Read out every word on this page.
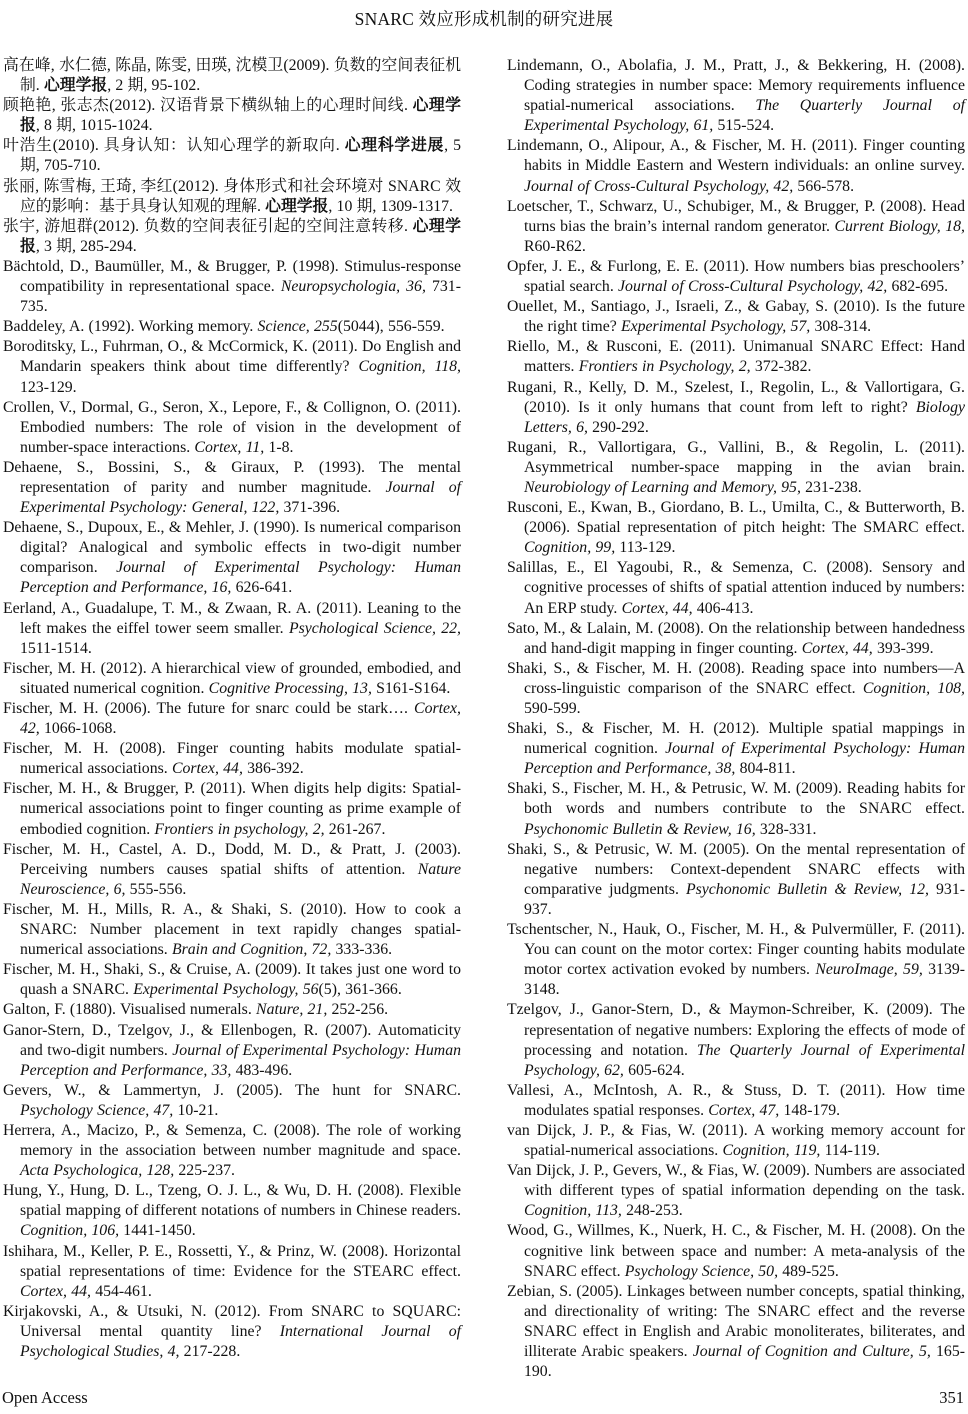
SNARC 效应形成机制的研究进展

高在峰, 水仁德, 陈晶, 陈雯, 田瑛, 沈模卫(2009). 负数的空间表征机制. 心理学报, 2 期, 95-102.

顾艳艳, 张志杰(2012). 汉语背景下横纵轴上的心理时间线. 心理学报, 8 期, 1015-1024.

叶浩生(2010). 具身认知：认知心理学的新取向. 心理科学进展, 5 期, 705-710.

张丽, 陈雪梅, 王琦, 李红(2012). 身体形式和社会环境对 SNARC 效应的影响：基于具身认知观的理解. 心理学报, 10 期, 1309-1317.

张宇, 游旭群(2012). 负数的空间表征引起的空间注意转移. 心理学报, 3 期, 285-294.

Bächtold, D., Baumüller, M., & Brugger, P. (1998). Stimulus-response compatibility in representational space. Neuropsychologia, 36, 731-735.

Baddeley, A. (1992). Working memory. Science, 255(5044), 556-559.

Boroditsky, L., Fuhrman, O., & McCormick, K. (2011). Do English and Mandarin speakers think about time differently? Cognition, 118, 123-129.

Crollen, V., Dormal, G., Seron, X., Lepore, F., & Collignon, O. (2011). Embodied numbers: The role of vision in the development of number-space interactions. Cortex, 11, 1-8.

Dehaene, S., Bossini, S., & Giraux, P. (1993). The mental representation of parity and number magnitude. Journal of Experimental Psychology: General, 122, 371-396.

Dehaene, S., Dupoux, E., & Mehler, J. (1990). Is numerical comparison digital? Analogical and symbolic effects in two-digit number comparison. Journal of Experimental Psychology: Human Perception and Performance, 16, 626-641.

Eerland, A., Guadalupe, T. M., & Zwaan, R. A. (2011). Leaning to the left makes the eiffel tower seem smaller. Psychological Science, 22, 1511-1514.

Fischer, M. H. (2012). A hierarchical view of grounded, embodied, and situated numerical cognition. Cognitive Processing, 13, S161-S164.

Fischer, M. H. (2006). The future for snarc could be stark…. Cortex, 42, 1066-1068.

Fischer, M. H. (2008). Finger counting habits modulate spatial-numerical associations. Cortex, 44, 386-392.

Fischer, M. H., & Brugger, P. (2011). When digits help digits: Spatial-numerical associations point to finger counting as prime example of embodied cognition. Frontiers in psychology, 2, 261-267.

Fischer, M. H., Castel, A. D., Dodd, M. D., & Pratt, J. (2003). Perceiving numbers causes spatial shifts of attention. Nature Neuroscience, 6, 555-556.

Fischer, M. H., Mills, R. A., & Shaki, S. (2010). How to cook a SNARC: Number placement in text rapidly changes spatial-numerical associations. Brain and Cognition, 72, 333-336.

Fischer, M. H., Shaki, S., & Cruise, A. (2009). It takes just one word to quash a SNARC. Experimental Psychology, 56(5), 361-366.

Galton, F. (1880). Visualised numerals. Nature, 21, 252-256.

Ganor-Stern, D., Tzelgov, J., & Ellenbogen, R. (2007). Automaticity and two-digit numbers. Journal of Experimental Psychology: Human Perception and Performance, 33, 483-496.

Gevers, W., & Lammertyn, J. (2005). The hunt for SNARC. Psychology Science, 47, 10-21.

Herrera, A., Macizo, P., & Semenza, C. (2008). The role of working memory in the association between number magnitude and space. Acta Psychologica, 128, 225-237.

Hung, Y., Hung, D. L., Tzeng, O. J. L., & Wu, D. H. (2008). Flexible spatial mapping of different notations of numbers in Chinese readers. Cognition, 106, 1441-1450.

Ishihara, M., Keller, P. E., Rossetti, Y., & Prinz, W. (2008). Horizontal spatial representations of time: Evidence for the STEARC effect. Cortex, 44, 454-461.

Kirjakovski, A., & Utsuki, N. (2012). From SNARC to SQUARC: Universal mental quantity line? International Journal of Psychological Studies, 4, 217-228.

Lindemann, O., Abolafia, J. M., Pratt, J., & Bekkering, H. (2008). Coding strategies in number space: Memory requirements influence spatial-numerical associations. The Quarterly Journal of Experimental Psychology, 61, 515-524.

Lindemann, O., Alipour, A., & Fischer, M. H. (2011). Finger counting habits in Middle Eastern and Western individuals: an online survey. Journal of Cross-Cultural Psychology, 42, 566-578.

Loetscher, T., Schwarz, U., Schubiger, M., & Brugger, P. (2008). Head turns bias the brain’s internal random generator. Current Biology, 18, R60-R62.

Opfer, J. E., & Furlong, E. E. (2011). How numbers bias preschoolers’ spatial search. Journal of Cross-Cultural Psychology, 42, 682-695.

Ouellet, M., Santiago, J., Israeli, Z., & Gabay, S. (2010). Is the future the right time? Experimental Psychology, 57, 308-314.

Riello, M., & Rusconi, E. (2011). Unimanual SNARC Effect: Hand matters. Frontiers in Psychology, 2, 372-382.

Rugani, R., Kelly, D. M., Szelest, I., Regolin, L., & Vallortigara, G. (2010). Is it only humans that count from left to right? Biology Letters, 6, 290-292.

Rugani, R., Vallortigara, G., Vallini, B., & Regolin, L. (2011). Asymmetrical number-space mapping in the avian brain. Neurobiology of Learning and Memory, 95, 231-238.

Rusconi, E., Kwan, B., Giordano, B. L., Umilta, C., & Butterworth, B. (2006). Spatial representation of pitch height: The SMARC effect. Cognition, 99, 113-129.

Salillas, E., El Yagoubi, R., & Semenza, C. (2008). Sensory and cognitive processes of shifts of spatial attention induced by numbers: An ERP study. Cortex, 44, 406-413.

Sato, M., & Lalain, M. (2008). On the relationship between handedness and hand-digit mapping in finger counting. Cortex, 44, 393-399.

Shaki, S., & Fischer, M. H. (2008). Reading space into numbers—A cross-linguistic comparison of the SNARC effect. Cognition, 108, 590-599.

Shaki, S., & Fischer, M. H. (2012). Multiple spatial mappings in numerical cognition. Journal of Experimental Psychology: Human Perception and Performance, 38, 804-811.

Shaki, S., Fischer, M. H., & Petrusic, W. M. (2009). Reading habits for both words and numbers contribute to the SNARC effect. Psychonomic Bulletin & Review, 16, 328-331.

Shaki, S., & Petrusic, W. M. (2005). On the mental representation of negative numbers: Context-dependent SNARC effects with comparative judgments. Psychonomic Bulletin & Review, 12, 931-937.

Tschentscher, N., Hauk, O., Fischer, M. H., & Pulvermüller, F. (2011). You can count on the motor cortex: Finger counting habits modulate motor cortex activation evoked by numbers. NeuroImage, 59, 3139-3148.

Tzelgov, J., Ganor-Stern, D., & Maymon-Schreiber, K. (2009). The representation of negative numbers: Exploring the effects of mode of processing and notation. The Quarterly Journal of Experimental Psychology, 62, 605-624.

Vallesi, A., McIntosh, A. R., & Stuss, D. T. (2011). How time modulates spatial responses. Cortex, 47, 148-179.

van Dijck, J. P., & Fias, W. (2011). A working memory account for spatial-numerical associations. Cognition, 119, 114-119.

Van Dijck, J. P., Gevers, W., & Fias, W. (2009). Numbers are associated with different types of spatial information depending on the task. Cognition, 113, 248-253.

Wood, G., Willmes, K., Nuerk, H. C., & Fischer, M. H. (2008). On the cognitive link between space and number: A meta-analysis of the SNARC effect. Psychology Science, 50, 489-525.

Zebian, S. (2005). Linkages between number concepts, spatial thinking, and directionality of writing: The SNARC effect and the reverse SNARC effect in English and Arabic monoliterates, biliterates, and illiterate Arabic speakers. Journal of Cognition and Culture, 5, 165-190.

Open Access	351
